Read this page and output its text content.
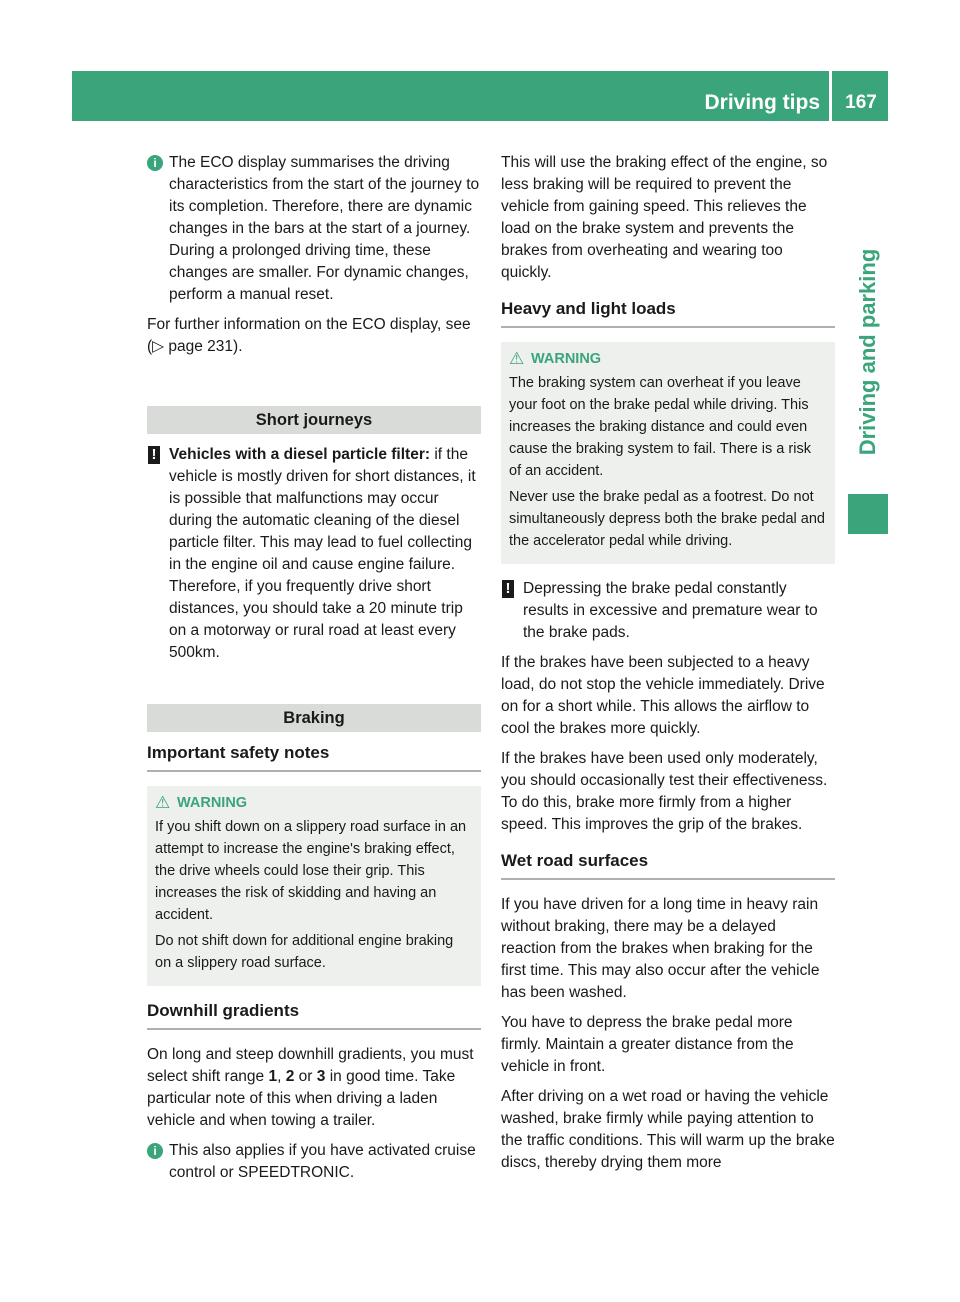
Driving tips	167
Driving and parking
i The ECO display summarises the driving characteristics from the start of the journey to its completion. Therefore, there are dynamic changes in the bars at the start of a journey. During a prolonged driving time, these changes are smaller. For dynamic changes, perform a manual reset.

For further information on the ECO display, see (▷ page 231).

Short journeys
! Vehicles with a diesel particle filter: if the vehicle is mostly driven for short distances, it is possible that malfunctions may occur during the automatic cleaning of the diesel particle filter. This may lead to fuel collecting in the engine oil and cause engine failure. Therefore, if you frequently drive short distances, you should take a 20 minute trip on a motorway or rural road at least every 500km.
Braking
Important safety notes
⚠ WARNING

If you shift down on a slippery road surface in an attempt to increase the engine's braking effect, the drive wheels could lose their grip. This increases the risk of skidding and having an accident.

Do not shift down for additional engine braking on a slippery road surface.

Downhill gradients

On long and steep downhill gradients, you must select shift range 1, 2 or 3 in good time. Take particular note of this when driving a laden vehicle and when towing a trailer.

i This also applies if you have activated cruise control or SPEEDTRONIC.

This will use the braking effect of the engine, so less braking will be required to prevent the vehicle from gaining speed. This relieves the load on the brake system and prevents the brakes from overheating and wearing too quickly.

Heavy and light loads
⚠ WARNING

The braking system can overheat if you leave your foot on the brake pedal while driving. This increases the braking distance and could even cause the braking system to fail. There is a risk of an accident.

Never use the brake pedal as a footrest. Do not simultaneously depress both the brake pedal and the accelerator pedal while driving.

! Depressing the brake pedal constantly results in excessive and premature wear to the brake pads.

If the brakes have been subjected to a heavy load, do not stop the vehicle immediately. Drive on for a short while. This allows the airflow to cool the brakes more quickly.

If the brakes have been used only moderately, you should occasionally test their effectiveness. To do this, brake more firmly from a higher speed. This improves the grip of the brakes.

Wet road surfaces

If you have driven for a long time in heavy rain without braking, there may be a delayed reaction from the brakes when braking for the first time. This may also occur after the vehicle has been washed.

You have to depress the brake pedal more firmly. Maintain a greater distance from the vehicle in front.

After driving on a wet road or having the vehicle washed, brake firmly while paying attention to the traffic conditions. This will warm up the brake discs, thereby drying them more
